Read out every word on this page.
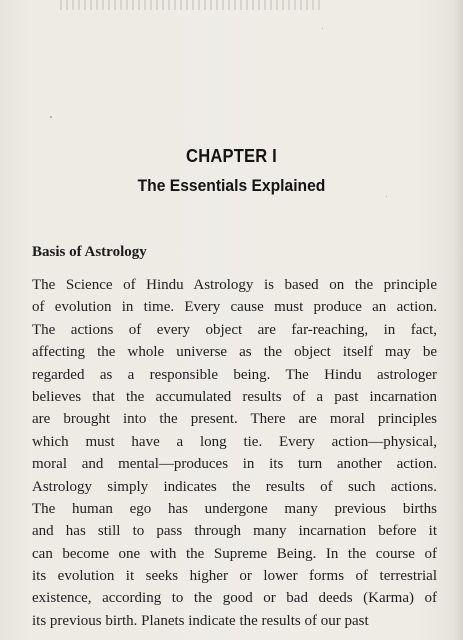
CHAPTER I
The Essentials Explained
Basis of Astrology
The Science of Hindu Astrology is based on the principle
of evolution in time. Every cause must produce an action.
The actions of every object are far-reaching, in fact,
affecting the whole universe as the object itself may be
regarded as a responsible being. The Hindu astrologer
believes that the accumulated results of a past incarnation
are brought into the present. There are moral principles
which must have a long tie. Every action—physical,
moral and mental—produces in its turn another action.
Astrology simply indicates the results of such actions.
The human ego has undergone many previous births
and has still to pass through many incarnation before it
can become one with the Supreme Being. In the course of
its evolution it seeks higher or lower forms of terrestrial
existence, according to the good or bad deeds (Karma) of
its previous birth. Planets indicate the results of our past
